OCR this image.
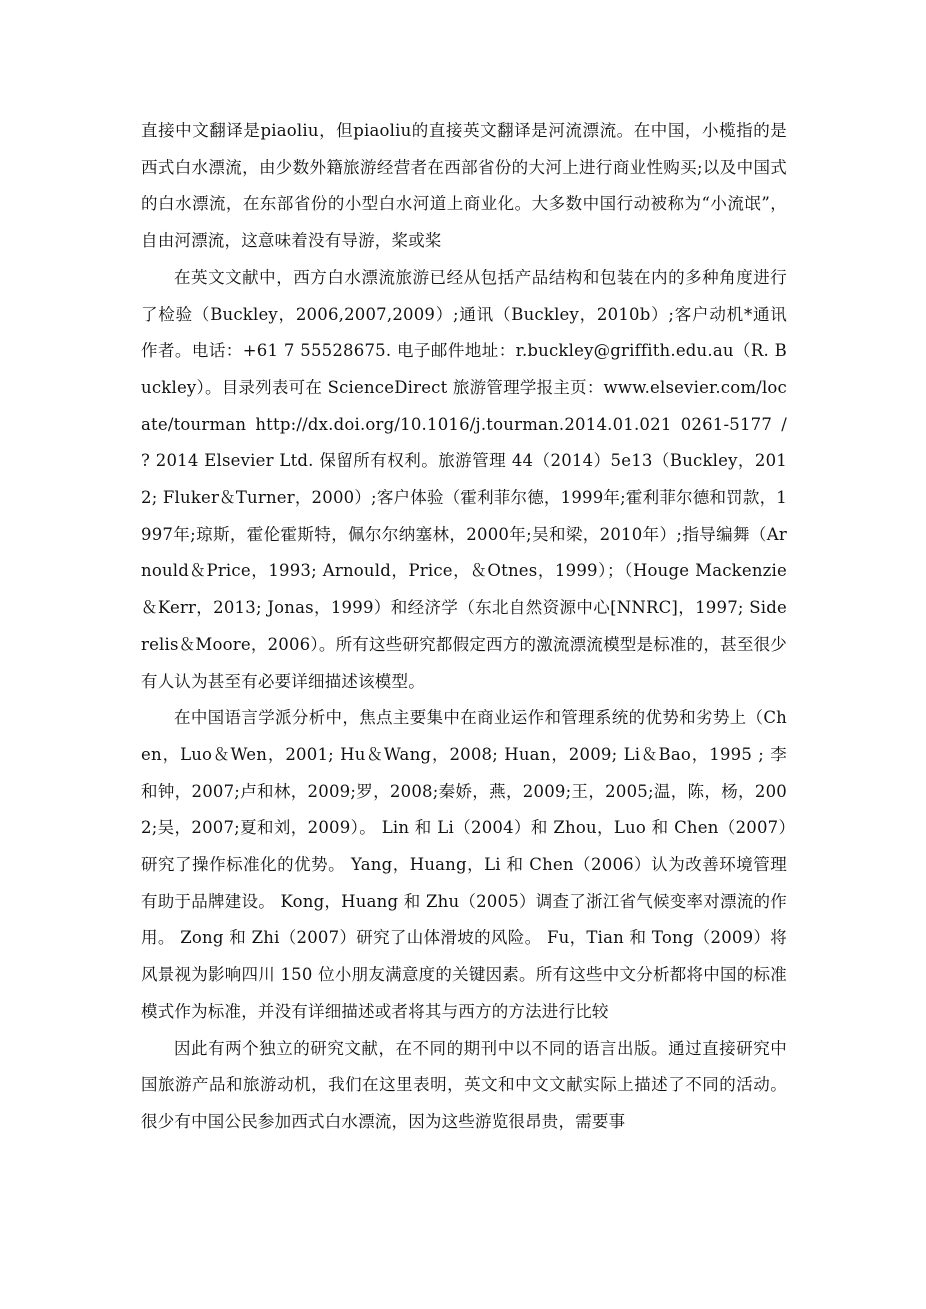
直接中文翻译是piaoliu，但piaoliu的直接英文翻译是河流漂流。在中国，小榄指的是西式白水漂流，由少数外籍旅游经营者在西部省份的大河上进行商业性购买;以及中国式的白水漂流，在东部省份的小型白水河道上商业化。大多数中国行动被称为“小流氓”，自由河漂流，这意味着没有导游，桨或桨

在英文文献中，西方白水漂流旅游已经从包括产品结构和包装在内的多种角度进行了检验（Buckley，2006,2007,2009）;通讯（Buckley，2010b）;客户动机*通讯作者。电话：+61 7 55528675. 电子邮件地址：r.buckley@griffith.edu.au（R. Buckley）。目录列表可在 ScienceDirect 旅游管理学报主页：www.elsevier.com/locate/tourman http://dx.doi.org/10.1016/j.tourman.2014.01.021 0261-5177 / ? 2014 Elsevier Ltd. 保留所有权利。旅游管理 44（2014）5e13（Buckley，2012; Fluker＆Turner，2000）;客户体验（霍利菲尔德，1999年;霍利菲尔德和罚款，1997年;琼斯，霍伦霍斯特，佩尔尔纳塞林，2000年;吴和梁，2010年）;指导编舞（Arnould＆Price，1993; Arnould，Price，＆Otnes，1999）；（Houge Mackenzie＆Kerr，2013; Jonas，1999）和经济学（东北自然资源中心[NNRC]，1997; Siderelis＆Moore，2006）。所有这些研究都假定西方的激流漂流模型是标准的，甚至很少有人认为甚至有必要详细描述该模型。

在中国语言学派分析中，焦点主要集中在商业运作和管理系统的优势和劣势上（Chen，Luo＆Wen，2001; Hu＆Wang，2008; Huan，2009; Li＆Bao，1995 ; 李和钟，2007;卢和林，2009;罗，2008;秦娇，燕，2009;王，2005;温，陈，杨，2002;吴，2007;夏和刘，2009）。 Lin 和 Li（2004）和 Zhou，Luo 和 Chen（2007）研究了操作标准化的优势。 Yang，Huang，Li 和 Chen（2006）认为改善环境管理有助于品牌建设。 Kong，Huang 和 Zhu（2005）调查了浙江省气候变率对漂流的作用。 Zong 和 Zhi（2007）研究了山体滑坡的风险。 Fu，Tian 和 Tong（2009）将风景视为影响四川 150 位小朋友满意度的关键因素。所有这些中文分析都将中国的标准模式作为标准，并没有详细描述或者将其与西方的方法进行比较

因此有两个独立的研究文献，在不同的期刊中以不同的语言出版。通过直接研究中国旅游产品和旅游动机，我们在这里表明，英文和中文文献实际上描述了不同的活动。很少有中国公民参加西式白水漂流，因为这些游览很昂贵，需要事
